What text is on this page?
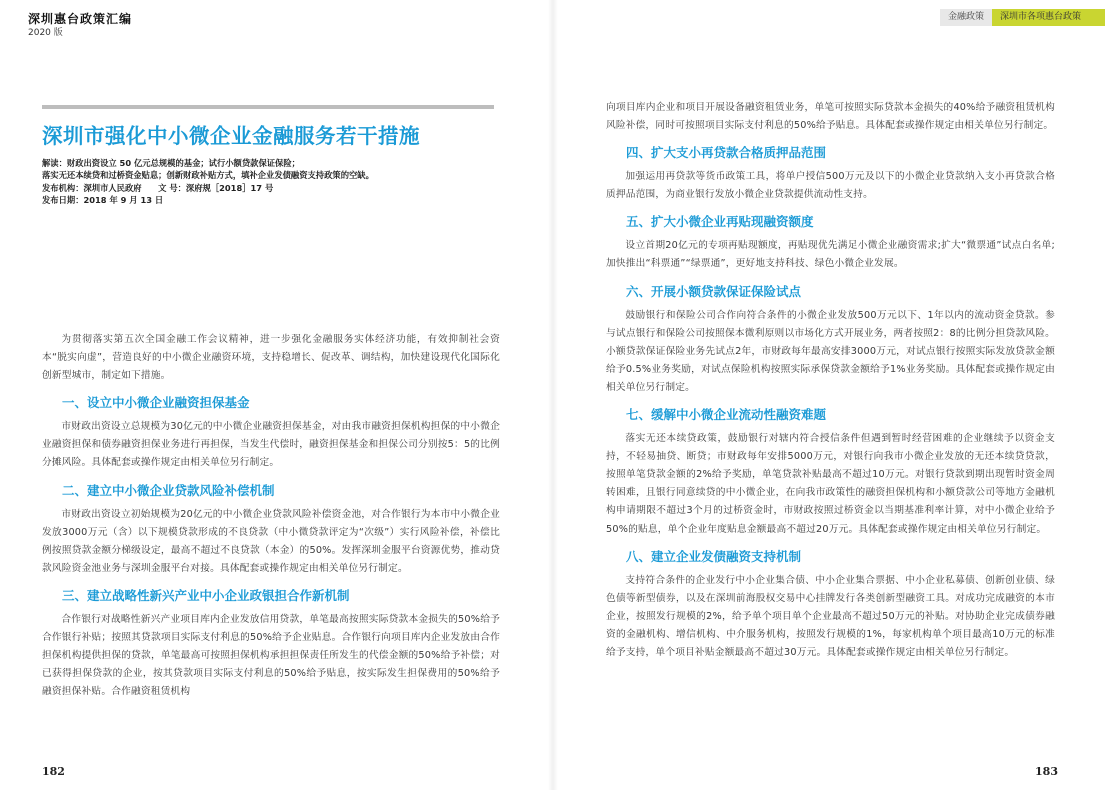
深圳惠台政策汇编
2020 版
深圳市强化中小微企业金融服务若干措施
解读：财政出资设立 50 亿元总规模的基金；试行小额贷款保证保险；
落实无还本续贷和过桥资金贴息；创新财政补贴方式，填补企业发债融资支持政策的空缺。
发布机构：深圳市人民政府　　文 号：深府规［2018］17 号
发布日期：2018 年 9 月 13 日

为贯彻落实第五次全国金融工作会议精神，进一步强化金融服务实体经济功能，有效抑制社会资本“脱实向虚”，营造良好的中小微企业融资环境，支持稳增长、促改革、调结构，加快建设现代化国际化创新型城市，制定如下措施。

一、设立中小微企业融资担保基金

市财政出资设立总规模为30亿元的中小微企业融资担保基金，对由我市融资担保机构担保的中小微企业融资担保和债券融资担保业务进行再担保，当发生代偿时，融资担保基金和担保公司分别按5：5的比例分摊风险。具体配套或操作规定由相关单位另行制定。

二、建立中小微企业贷款风险补偿机制

市财政出资设立初始规模为20亿元的中小微企业贷款风险补偿资金池，对合作银行为本市中小微企业发放3000万元（含）以下规模贷款形成的不良贷款（中小微贷款评定为“次级”）实行风险补偿，补偿比例按照贷款金额分梯级设定，最高不超过不良贷款（本金）的50%。发挥深圳金服平台资源优势，推动贷款风险资金池业务与深圳金服平台对接。具体配套或操作规定由相关单位另行制定。

三、建立战略性新兴产业中小企业政银担合作新机制

合作银行对战略性新兴产业项目库内企业发放信用贷款，单笔最高按照实际贷款本金损失的50%给予合作银行补贴；按照其贷款项目实际支付利息的50%给予企业贴息。合作银行向项目库内企业发放由合作担保机构提供担保的贷款，单笔最高可按照担保机构承担担保责任所发生的代偿金额的50%给予补偿；对已获得担保贷款的企业，按其贷款项目实际支付利息的50%给予贴息，按实际发生担保费用的50%给予融资担保补贴。合作融资租赁机构

182
金融政策	深圳市各项惠台政策

向项目库内企业和项目开展设备融资租赁业务，单笔可按照实际贷款本金损失的40%给予融资租赁机构风险补偿，同时可按照项目实际支付利息的50%给予贴息。具体配套或操作规定由相关单位另行制定。

四、扩大支小再贷款合格质押品范围

加强运用再贷款等货币政策工具，将单户授信500万元及以下的小微企业贷款纳入支小再贷款合格质押品范围，为商业银行发放小微企业贷款提供流动性支持。

五、扩大小微企业再贴现融资额度

设立首期20亿元的专项再贴现额度，再贴现优先满足小微企业融资需求;扩大“微票通”试点白名单;加快推出“科票通”“绿票通”，更好地支持科技、绿色小微企业发展。

六、开展小额贷款保证保险试点

鼓励银行和保险公司合作向符合条件的小微企业发放500万元以下、1年以内的流动资金贷款。参与试点银行和保险公司按照保本微利原则以市场化方式开展业务，两者按照2：8的比例分担贷款风险。小额贷款保证保险业务先试点2年，市财政每年最高安排3000万元，对试点银行按照实际发放贷款金额给予0.5%业务奖励，对试点保险机构按照实际承保贷款金额给予1%业务奖励。具体配套或操作规定由相关单位另行制定。

七、缓解中小微企业流动性融资难题

落实无还本续贷政策，鼓励银行对辖内符合授信条件但遇到暂时经营困难的企业继续予以资金支持，不轻易抽贷、断贷；市财政每年安排5000万元，对银行向我市小微企业发放的无还本续贷贷款，按照单笔贷款金额的2%给予奖励，单笔贷款补贴最高不超过10万元。对银行贷款到期出现暂时资金周转困难，且银行同意续贷的中小微企业，在向我市政策性的融资担保机构和小额贷款公司等地方金融机构申请期限不超过3个月的过桥资金时，市财政按照过桥资金以当期基准利率计算，对中小微企业给予50%的贴息，单个企业年度贴息金额最高不超过20万元。具体配套或操作规定由相关单位另行制定。

八、建立企业发债融资支持机制

支持符合条件的企业发行中小企业集合债、中小企业集合票据、中小企业私募债、创新创业债、绿色债等新型债券，以及在深圳前海股权交易中心挂牌发行各类创新型融资工具。对成功完成融资的本市企业，按照发行规模的2%，给予单个项目单个企业最高不超过50万元的补贴。对协助企业完成债券融资的金融机构、增信机构、中介服务机构，按照发行规模的1%，每家机构单个项目最高10万元的标准给予支持，单个项目补贴金额最高不超过30万元。具体配套或操作规定由相关单位另行制定。

183
